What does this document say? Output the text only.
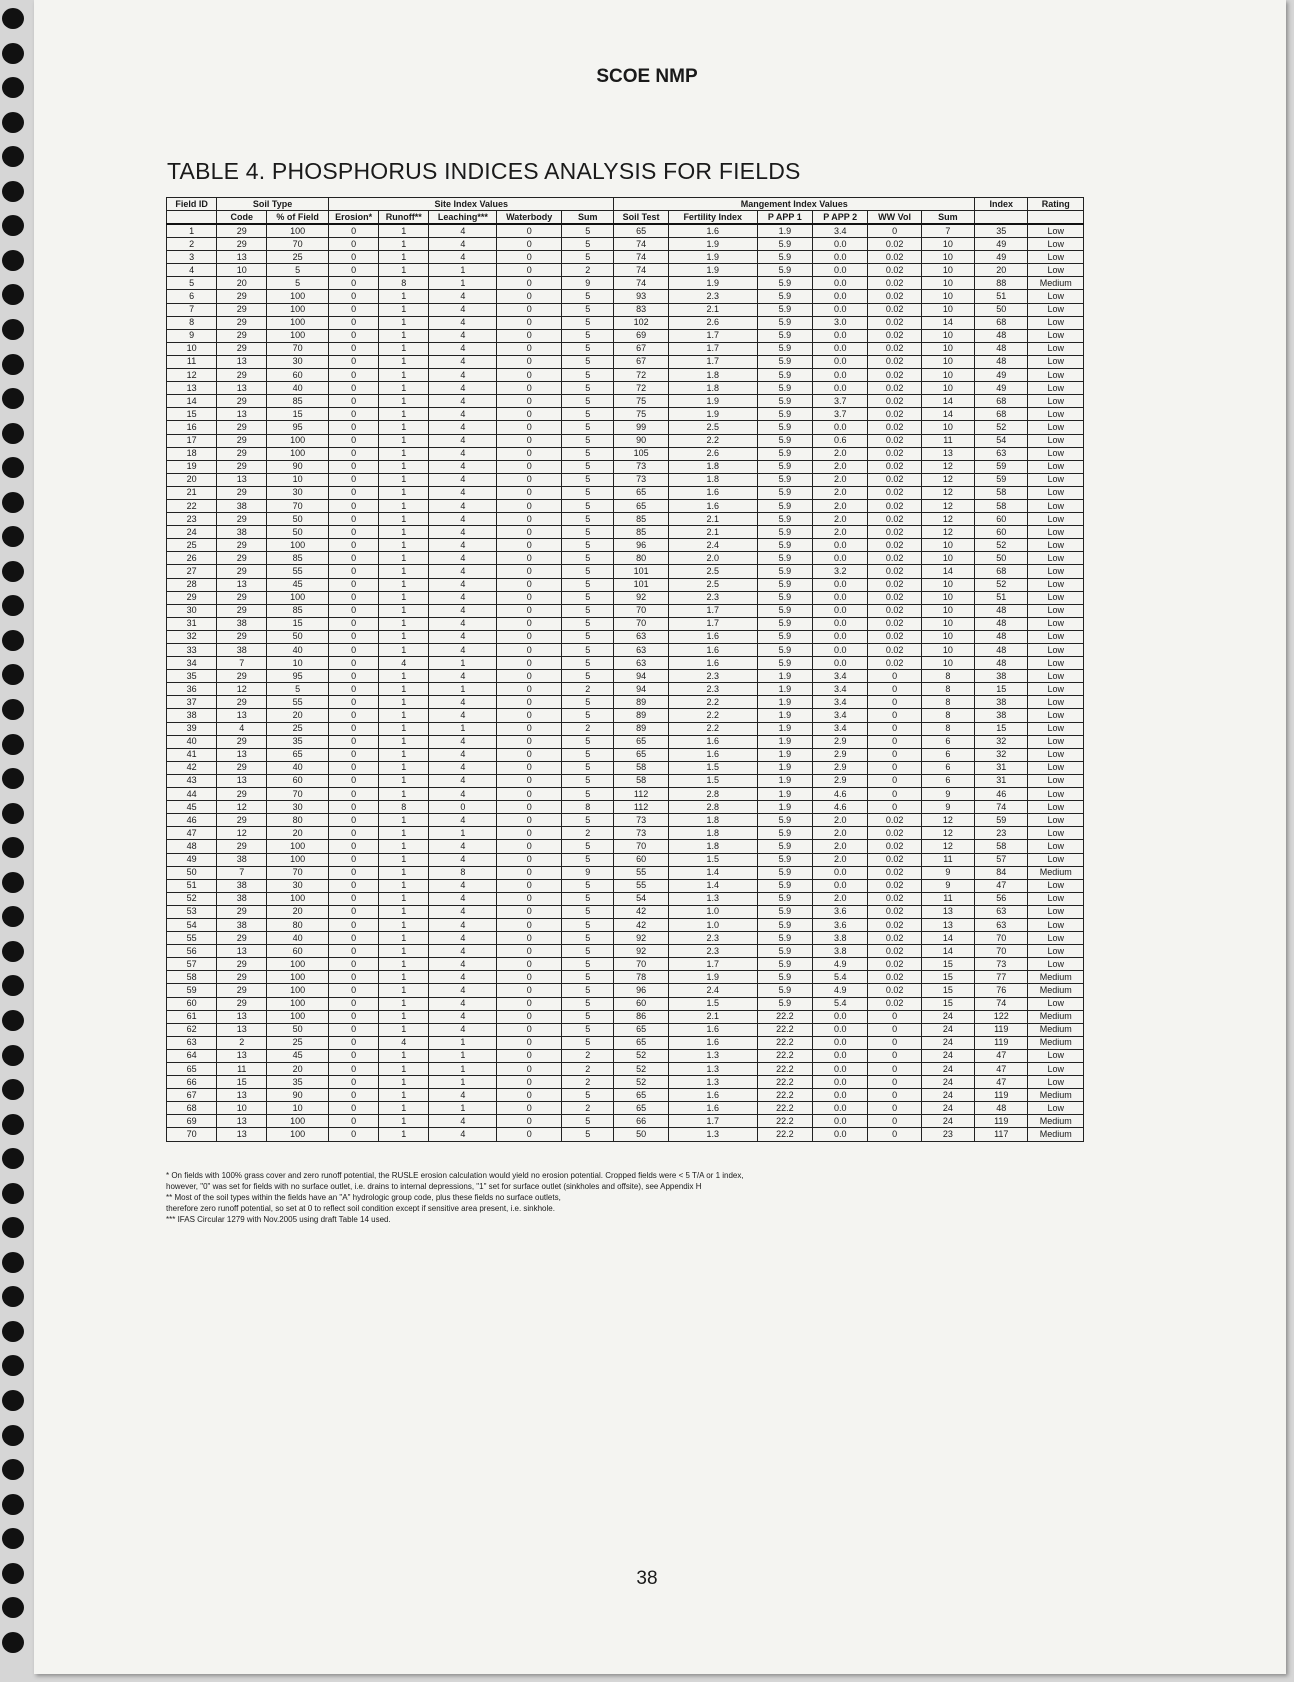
SCOE NMP
TABLE 4. PHOSPHORUS INDICES ANALYSIS FOR FIELDS
Field ID	Soil Type		Site Index Values					Mangement Index Values						Index	Rating
	Code	% of Field	Erosion*	Runoff**	Leaching***	Waterbody	Sum	Soil Test	Fertility Index	P APP 1	P APP 2	WW Vol	Sum		
1	29	100	0	1	4	0	5	65	1.6	1.9	3.4	0	7	35	Low
2	29	70	0	1	4	0	5	74	1.9	5.9	0.0	0.02	10	49	Low
3	13	25	0	1	4	0	5	74	1.9	5.9	0.0	0.02	10	49	Low
4	10	5	0	1	1	0	2	74	1.9	5.9	0.0	0.02	10	20	Low
5	20	5	0	8	1	0	9	74	1.9	5.9	0.0	0.02	10	88	Medium
6	29	100	0	1	4	0	5	93	2.3	5.9	0.0	0.02	10	51	Low
7	29	100	0	1	4	0	5	83	2.1	5.9	0.0	0.02	10	50	Low
8	29	100	0	1	4	0	5	102	2.6	5.9	3.0	0.02	14	68	Low
9	29	100	0	1	4	0	5	69	1.7	5.9	0.0	0.02	10	48	Low
10	29	70	0	1	4	0	5	67	1.7	5.9	0.0	0.02	10	48	Low
11	13	30	0	1	4	0	5	67	1.7	5.9	0.0	0.02	10	48	Low
12	29	60	0	1	4	0	5	72	1.8	5.9	0.0	0.02	10	49	Low
13	13	40	0	1	4	0	5	72	1.8	5.9	0.0	0.02	10	49	Low
14	29	85	0	1	4	0	5	75	1.9	5.9	3.7	0.02	14	68	Low
15	13	15	0	1	4	0	5	75	1.9	5.9	3.7	0.02	14	68	Low
16	29	95	0	1	4	0	5	99	2.5	5.9	0.0	0.02	10	52	Low
17	29	100	0	1	4	0	5	90	2.2	5.9	0.6	0.02	11	54	Low
18	29	100	0	1	4	0	5	105	2.6	5.9	2.0	0.02	13	63	Low
19	29	90	0	1	4	0	5	73	1.8	5.9	2.0	0.02	12	59	Low
20	13	10	0	1	4	0	5	73	1.8	5.9	2.0	0.02	12	59	Low
21	29	30	0	1	4	0	5	65	1.6	5.9	2.0	0.02	12	58	Low
22	38	70	0	1	4	0	5	65	1.6	5.9	2.0	0.02	12	58	Low
23	29	50	0	1	4	0	5	85	2.1	5.9	2.0	0.02	12	60	Low
24	38	50	0	1	4	0	5	85	2.1	5.9	2.0	0.02	12	60	Low
25	29	100	0	1	4	0	5	96	2.4	5.9	0.0	0.02	10	52	Low
26	29	85	0	1	4	0	5	80	2.0	5.9	0.0	0.02	10	50	Low
27	29	55	0	1	4	0	5	101	2.5	5.9	3.2	0.02	14	68	Low
28	13	45	0	1	4	0	5	101	2.5	5.9	0.0	0.02	10	52	Low
29	29	100	0	1	4	0	5	92	2.3	5.9	0.0	0.02	10	51	Low
30	29	85	0	1	4	0	5	70	1.7	5.9	0.0	0.02	10	48	Low
31	38	15	0	1	4	0	5	70	1.7	5.9	0.0	0.02	10	48	Low
32	29	50	0	1	4	0	5	63	1.6	5.9	0.0	0.02	10	48	Low
33	38	40	0	1	4	0	5	63	1.6	5.9	0.0	0.02	10	48	Low
34	7	10	0	4	1	0	5	63	1.6	5.9	0.0	0.02	10	48	Low
35	29	95	0	1	4	0	5	94	2.3	1.9	3.4	0	8	38	Low
36	12	5	0	1	1	0	2	94	2.3	1.9	3.4	0	8	15	Low
37	29	55	0	1	4	0	5	89	2.2	1.9	3.4	0	8	38	Low
38	13	20	0	1	4	0	5	89	2.2	1.9	3.4	0	8	38	Low
39	4	25	0	1	1	0	2	89	2.2	1.9	3.4	0	8	15	Low
40	29	35	0	1	4	0	5	65	1.6	1.9	2.9	0	6	32	Low
41	13	65	0	1	4	0	5	65	1.6	1.9	2.9	0	6	32	Low
42	29	40	0	1	4	0	5	58	1.5	1.9	2.9	0	6	31	Low
43	13	60	0	1	4	0	5	58	1.5	1.9	2.9	0	6	31	Low
44	29	70	0	1	4	0	5	112	2.8	1.9	4.6	0	9	46	Low
45	12	30	0	8	0	0	8	112	2.8	1.9	4.6	0	9	74	Low
46	29	80	0	1	4	0	5	73	1.8	5.9	2.0	0.02	12	59	Low
47	12	20	0	1	1	0	2	73	1.8	5.9	2.0	0.02	12	23	Low
48	29	100	0	1	4	0	5	70	1.8	5.9	2.0	0.02	12	58	Low
49	38	100	0	1	4	0	5	60	1.5	5.9	2.0	0.02	11	57	Low
50	7	70	0	1	8	0	9	55	1.4	5.9	0.0	0.02	9	84	Medium
51	38	30	0	1	4	0	5	55	1.4	5.9	0.0	0.02	9	47	Low
52	38	100	0	1	4	0	5	54	1.3	5.9	2.0	0.02	11	56	Low
53	29	20	0	1	4	0	5	42	1.0	5.9	3.6	0.02	13	63	Low
54	38	80	0	1	4	0	5	42	1.0	5.9	3.6	0.02	13	63	Low
55	29	40	0	1	4	0	5	92	2.3	5.9	3.8	0.02	14	70	Low
56	13	60	0	1	4	0	5	92	2.3	5.9	3.8	0.02	14	70	Low
57	29	100	0	1	4	0	5	70	1.7	5.9	4.9	0.02	15	73	Low
58	29	100	0	1	4	0	5	78	1.9	5.9	5.4	0.02	15	77	Medium
59	29	100	0	1	4	0	5	96	2.4	5.9	4.9	0.02	15	76	Medium
60	29	100	0	1	4	0	5	60	1.5	5.9	5.4	0.02	15	74	Low
61	13	100	0	1	4	0	5	86	2.1	22.2	0.0	0	24	122	Medium
62	13	50	0	1	4	0	5	65	1.6	22.2	0.0	0	24	119	Medium
63	2	25	0	4	1	0	5	65	1.6	22.2	0.0	0	24	119	Medium
64	13	45	0	1	1	0	2	52	1.3	22.2	0.0	0	24	47	Low
65	11	20	0	1	1	0	2	52	1.3	22.2	0.0	0	24	47	Low
66	15	35	0	1	1	0	2	52	1.3	22.2	0.0	0	24	47	Low
67	13	90	0	1	4	0	5	65	1.6	22.2	0.0	0	24	119	Medium
68	10	10	0	1	1	0	2	65	1.6	22.2	0.0	0	24	48	Low
69	13	100	0	1	4	0	5	66	1.7	22.2	0.0	0	24	119	Medium
70	13	100	0	1	4	0	5	50	1.3	22.2	0.0	0	23	117	Medium
* On fields with 100% grass cover and zero runoff potential, the RUSLE erosion calculation would yield no erosion potential. Cropped fields were < 5 T/A or 1 index,
however, "0" was set for fields with no surface outlet, i.e. drains to internal depressions, "1" set for surface outlet (sinkholes and offsite), see Appendix H
** Most of the soil types within the fields have an "A" hydrologic group code, plus these fields no surface outlets,
therefore zero runoff potential, so set at 0 to reflect soil condition except if sensitive area present, i.e. sinkhole.
*** IFAS Circular 1279 with Nov.2005 using draft Table 14 used.
38
